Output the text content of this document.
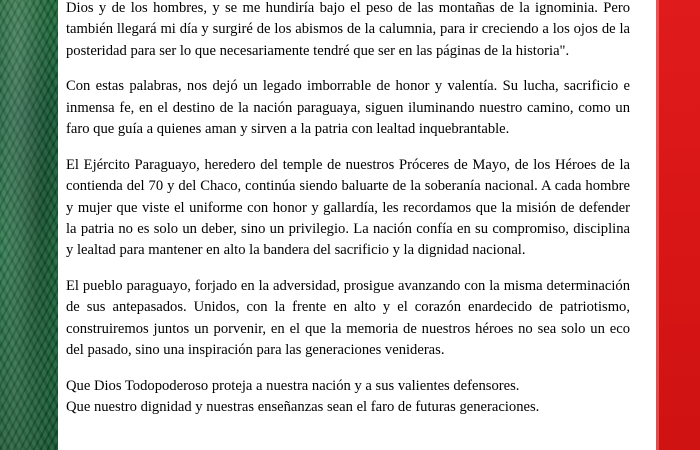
Dios y de los hombres, y se me hundiría bajo el peso de las montañas de la ignominia. Pero también llegará mi día y surgiré de los abismos de la calumnia, para ir creciendo a los ojos de la posteridad para ser lo que necesariamente tendré que ser en las páginas de la historia".

Con estas palabras, nos dejó un legado imborrable de honor y valentía. Su lucha, sacrificio e inmensa fe, en el destino de la nación paraguaya, siguen iluminando nuestro camino, como un faro que guía a quienes aman y sirven a la patria con lealtad inquebrantable.

El Ejército Paraguayo, heredero del temple de nuestros Próceres de Mayo, de los Héroes de la contienda del 70 y del Chaco, continúa siendo baluarte de la soberanía nacional. A cada hombre y mujer que viste el uniforme con honor y gallardía, les recordamos que la misión de defender la patria no es solo un deber, sino un privilegio. La nación confía en su compromiso, disciplina y lealtad para mantener en alto la bandera del sacrificio y la dignidad nacional.

El pueblo paraguayo, forjado en la adversidad, prosigue avanzando con la misma determinación de sus antepasados. Unidos, con la frente en alto y el corazón enardecido de patriotismo, construiremos juntos un porvenir, en el que la memoria de nuestros héroes no sea solo un eco del pasado, sino una inspiración para las generaciones venideras.

Que Dios Todopoderoso proteja a nuestra nación y a sus valientes defensores.

Que nuestro dignidad y nuestras enseñanzas sean el faro de futuras generaciones.
